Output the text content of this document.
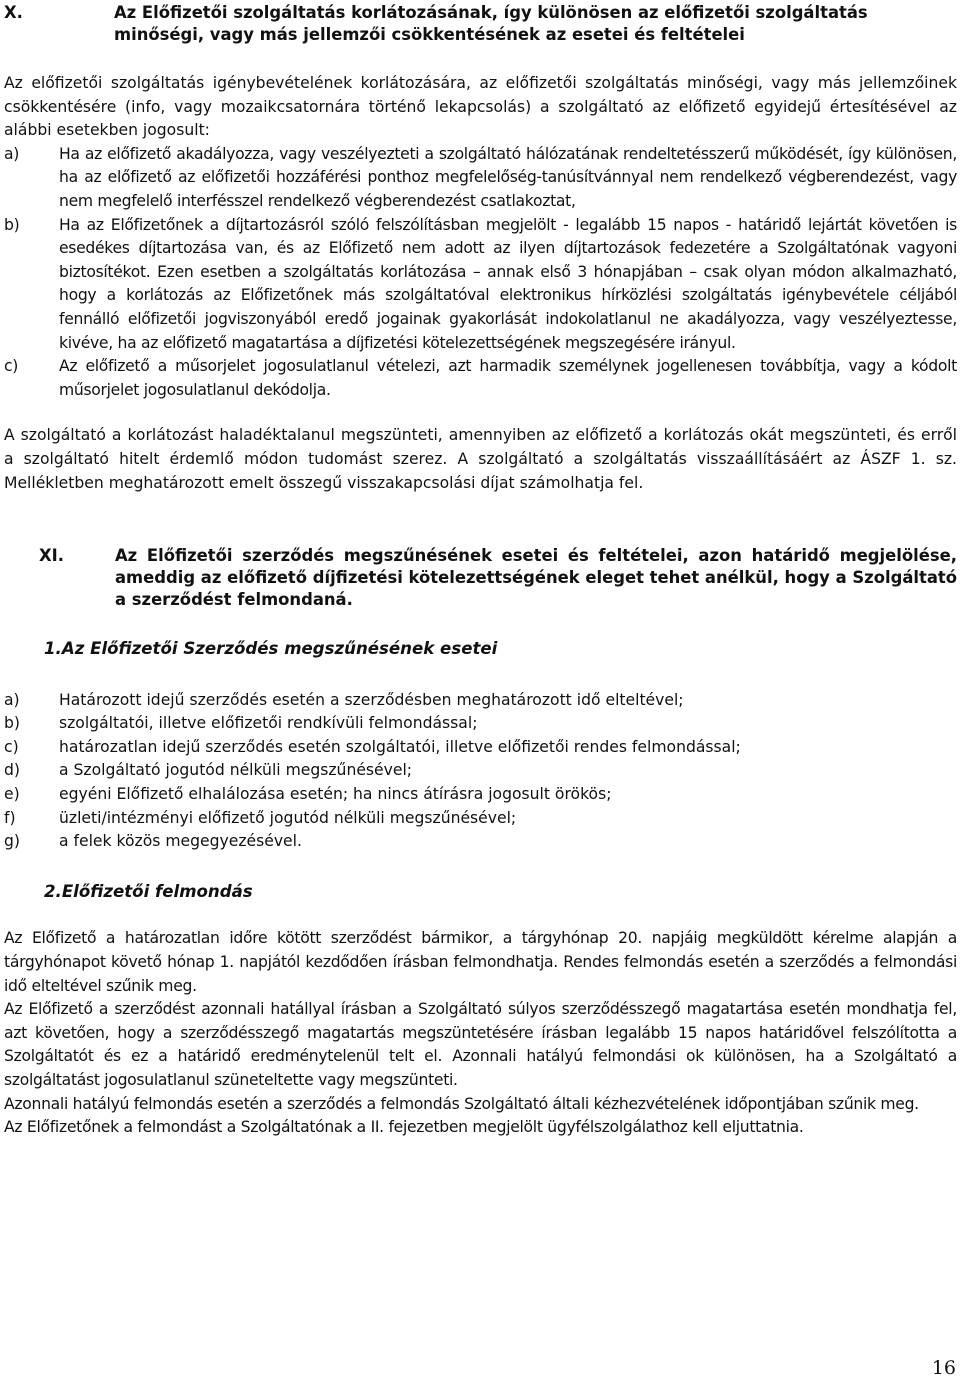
X.	Az Előfizetői szolgáltatás korlátozásának, így különösen az előfizetői szolgáltatás minőségi, vagy más jellemzői csökkentésének az esetei és feltételei

Az előfizetői szolgáltatás igénybevételének korlátozására, az előfizetői szolgáltatás minőségi, vagy más jellemzőinek csökkentésére (info, vagy mozaikcsatornára történő lekapcsolás) a szolgáltató az előfizető egyidejű értesítésével az alábbi esetekben jogosult:

a)	Ha az előfizető akadályozza, vagy veszélyezteti a szolgáltató hálózatának rendeltetésszerű működését, így különösen, ha az előfizető az előfizetői hozzáférési ponthoz megfelelőség-tanúsítvánnyal nem rendelkező végberendezést, vagy nem megfelelő interfésszel rendelkező végberendezést csatlakoztat,
b)	Ha az Előfizetőnek a díjtartozásról szóló felszólításban megjelölt - legalább 15 napos - határidő lejártát követően is esedékes díjtartozása van, és az Előfizető nem adott az ilyen díjtartozások fedezetére a Szolgáltatónak vagyoni biztosítékot. Ezen esetben a szolgáltatás korlátozása – annak első 3 hónapjában – csak olyan módon alkalmazható, hogy a korlátozás az Előfizetőnek más szolgáltatóval elektronikus hírközlési szolgáltatás igénybevétele céljából fennálló előfizetői jogviszonyából eredő jogainak gyakorlását indokolatlanul ne akadályozza, vagy veszélyeztesse, kivéve, ha az előfizető magatartása a díjfizetési kötelezettségének megszegésére irányul.
c)	Az előfizető a műsorjelet jogosulatlanul vételezi, azt harmadik személynek jogellenesen továbbítja, vagy a kódolt műsorjelet jogosulatlanul dekódolja.

A szolgáltató a korlátozást haladéktalanul megszünteti, amennyiben az előfizető a korlátozás okát megszünteti, és erről a szolgáltató hitelt érdemlő módon tudomást szerez. A szolgáltató a szolgáltatás visszaállításáért az ÁSZF 1. sz. Mellékletben meghatározott emelt összegű visszakapcsolási díjat számolhatja fel.

XI.	Az Előfizetői szerződés megszűnésének esetei és feltételei, azon határidő megjelölése, ameddig az előfizető díjfizetési kötelezettségének eleget tehet anélkül, hogy a Szolgáltató a szerződést felmondaná.

1.Az Előfizetői Szerződés megszűnésének esetei

a)	Határozott idejű szerződés esetén a szerződésben meghatározott idő elteltével;
b)	szolgáltatói, illetve előfizetői rendkívüli felmondással;
c)	határozatlan idejű szerződés esetén szolgáltatói, illetve előfizetői rendes felmondással;
d)	a Szolgáltató jogutód nélküli megszűnésével;
e)	egyéni Előfizető elhalálozása esetén; ha nincs átírásra jogosult örökös;
f)	üzleti/intézményi előfizető jogutód nélküli megszűnésével;
g)	a felek közös megegyezésével.

2.Előfizetői felmondás

Az Előfizető a határozatlan időre kötött szerződést bármikor, a tárgyhónap 20. napjáig megküldött kérelme alapján a tárgyhónapot követő hónap 1. napjától kezdődően írásban felmondhatja. Rendes felmondás esetén a szerződés a felmondási idő elteltével szűnik meg.

Az Előfizető a szerződést azonnali hatállyal írásban a Szolgáltató súlyos szerződésszegő magatartása esetén mondhatja fel, azt követően, hogy a szerződésszegő magatartás megszüntetésére írásban legalább 15 napos határidővel felszólította a Szolgáltatót és ez a határidő eredménytelenül telt el. Azonnali hatályú felmondási ok különösen, ha a Szolgáltató a szolgáltatást jogosulatlanul szüneteltette vagy megszünteti.

Azonnali hatályú felmondás esetén a szerződés a felmondás Szolgáltató általi kézhezvételének időpontjában szűnik meg.

Az Előfizetőnek a felmondást a Szolgáltatónak a II. fejezetben megjelölt ügyfélszolgálathoz kell eljuttatnia.

16
